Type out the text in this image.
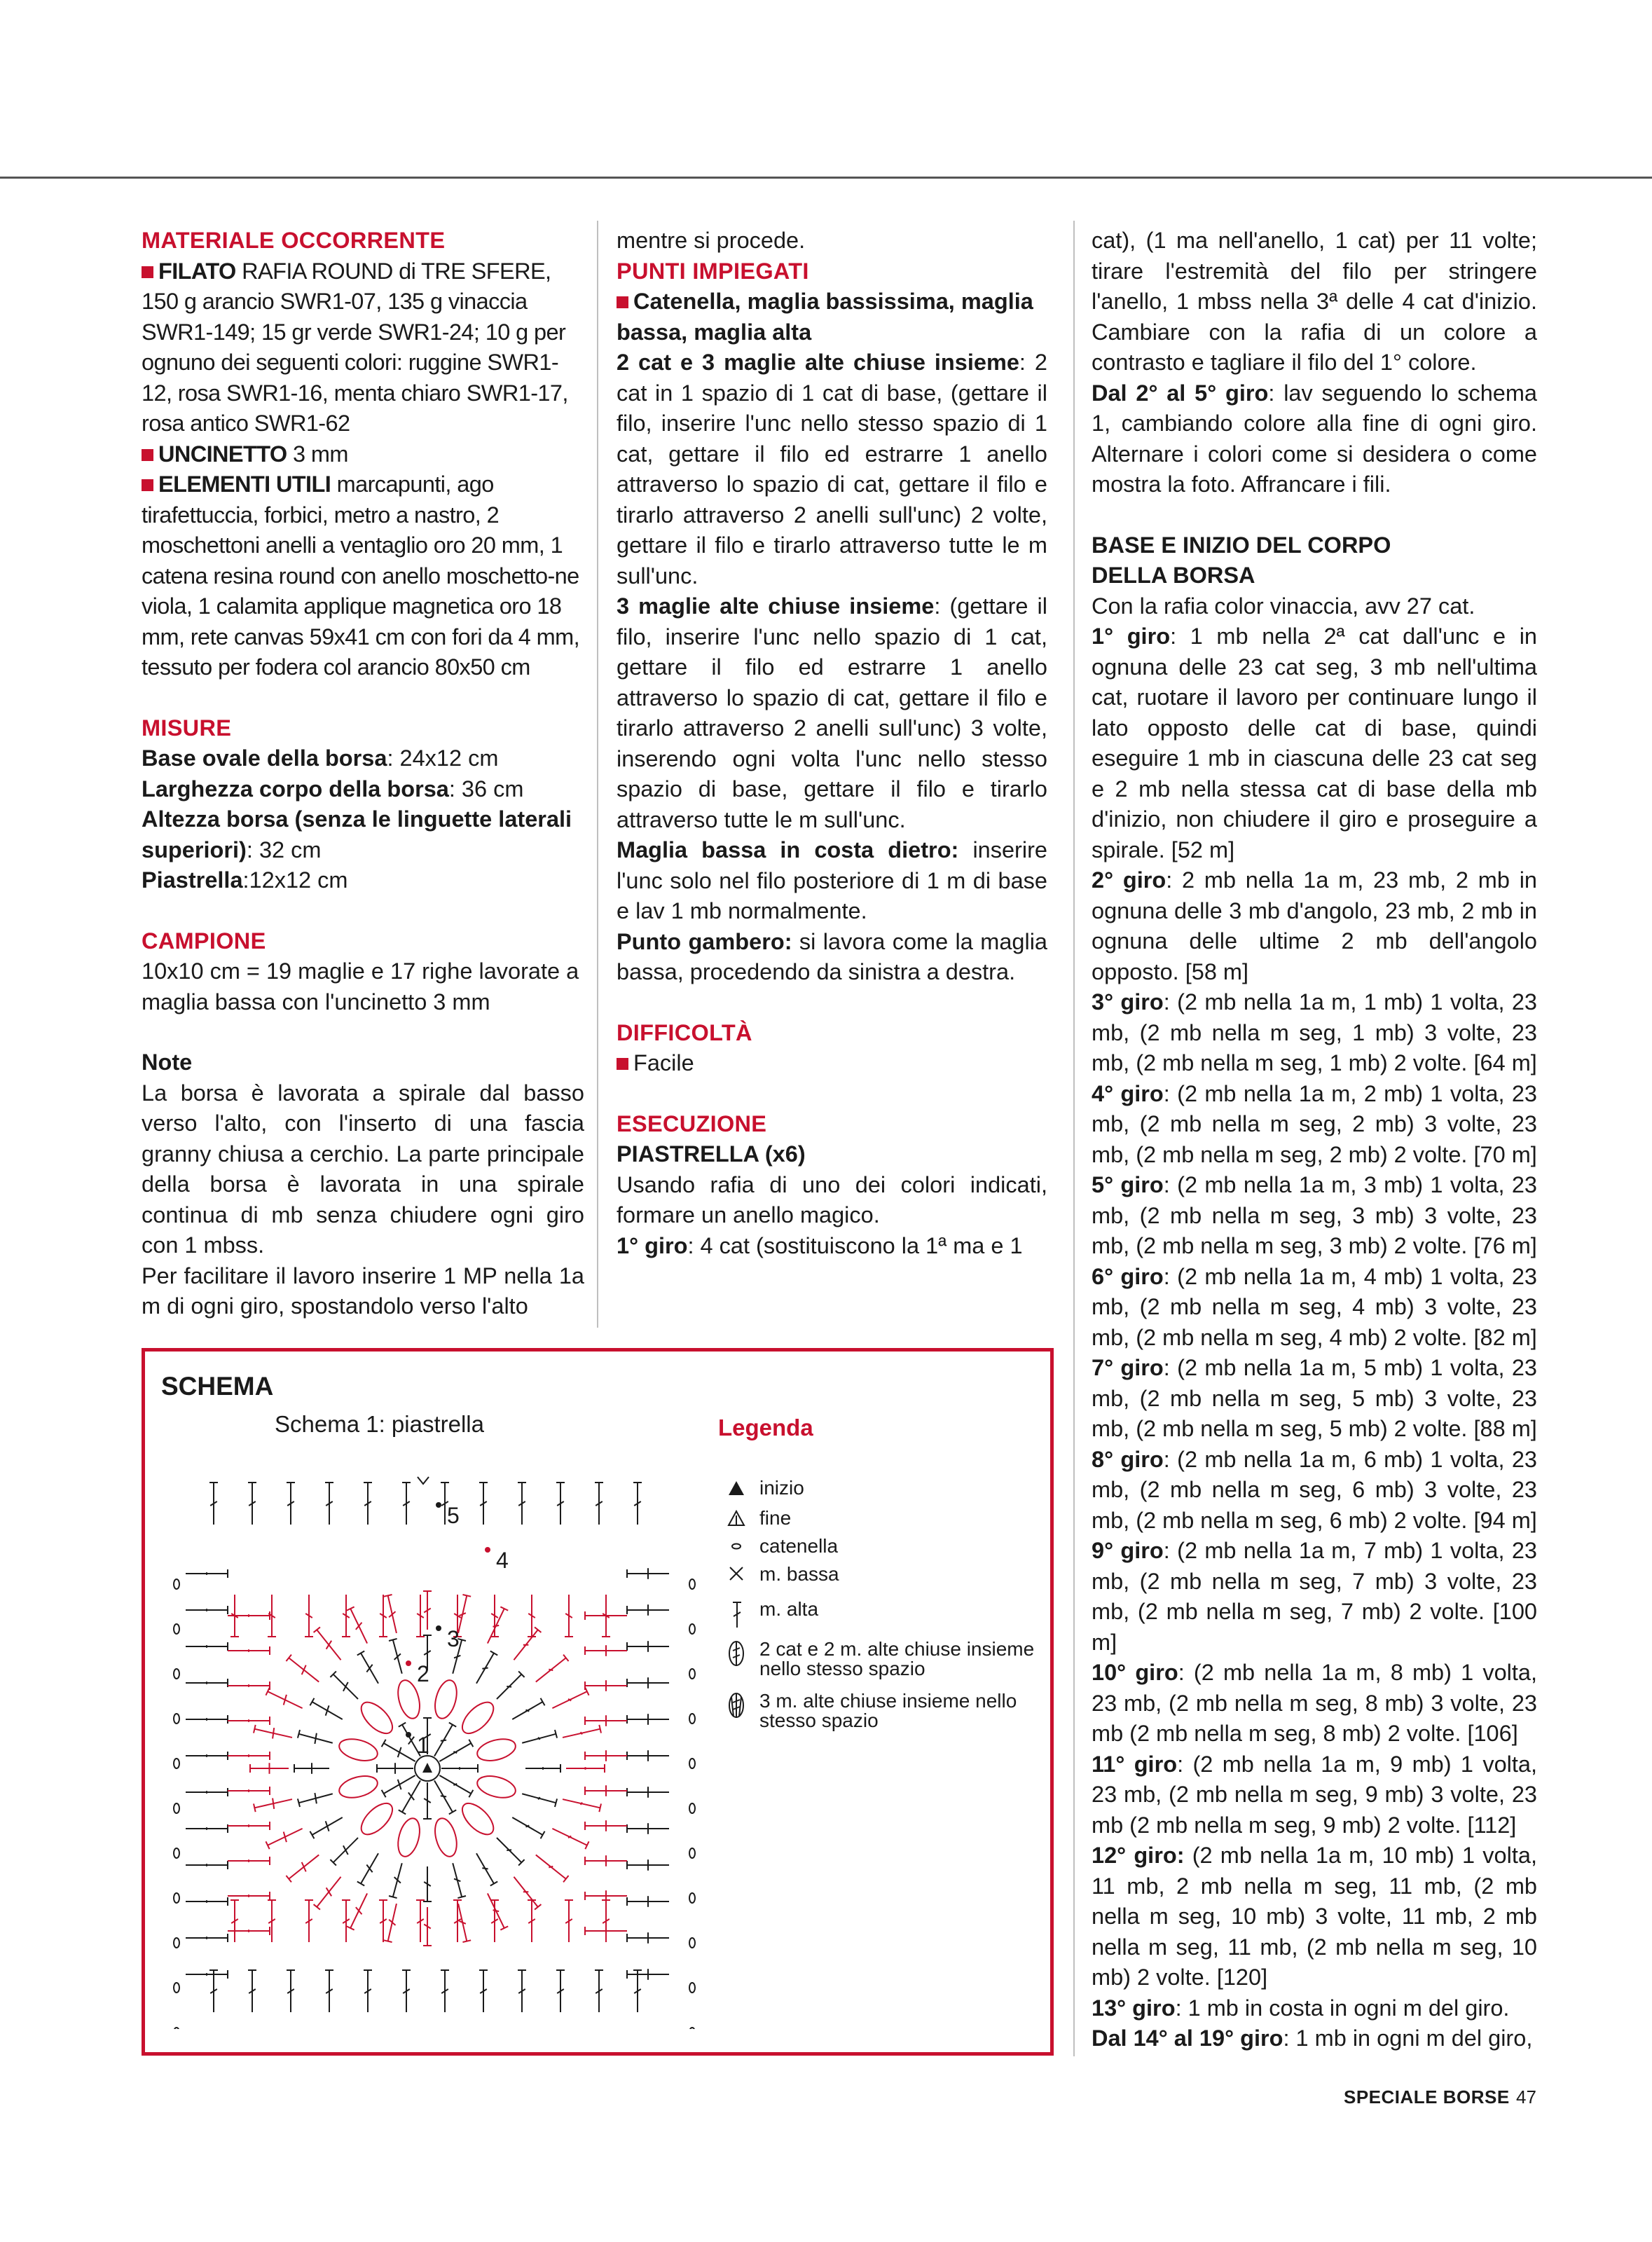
MATERIALE OCCORRENTE
FILATO RAFIA ROUND di TRE SFERE, 150 g arancio SWR1-07, 135 g vinaccia SWR1-149; 15 gr verde SWR1-24; 10 g per ognuno dei seguenti colori: ruggine SWR1-12, rosa SWR1-16, menta chiaro SWR1-17, rosa antico SWR1-62
UNCINETTO 3 mm
ELEMENTI UTILI marcapunti, ago tirafettuccia, forbici, metro a nastro, 2 moschettoni anelli a ventaglio oro 20 mm, 1 catena resina round con anello moschetto-ne viola, 1 calamita applique magnetica oro 18 mm, rete canvas 59x41 cm con fori da 4 mm, tessuto per fodera col arancio 80x50 cm
MISURE
Base ovale della borsa: 24x12 cm
Larghezza corpo della borsa: 36 cm
Altezza borsa (senza le linguette laterali superiori): 32 cm
Piastrella:12x12 cm
CAMPIONE
10x10 cm = 19 maglie e 17 righe lavorate a maglia bassa con l'uncinetto 3 mm
Note
La borsa è lavorata a spirale dal basso verso l'alto, con l'inserto di una fascia granny chiusa a cerchio. La parte principale della borsa è lavorata in una spirale continua di mb senza chiudere ogni giro con 1 mbss.
Per facilitare il lavoro inserire 1 MP nella 1a m di ogni giro, spostandolo verso l'alto
mentre si procede.
PUNTI IMPIEGATI
Catenella, maglia bassissima, maglia bassa, maglia alta
2 cat e 3 maglie alte chiuse insieme: 2 cat in 1 spazio di 1 cat di base, (gettare il filo, inserire l'unc nello stesso spazio di 1 cat, gettare il filo ed estrarre 1 anello attraverso lo spazio di cat, gettare il filo e tirarlo attraverso 2 anelli sull'unc) 2 volte, gettare il filo e tirarlo attraverso tutte le m sull'unc.
3 maglie alte chiuse insieme: (gettare il filo, inserire l'unc nello spazio di 1 cat, gettare il filo ed estrarre 1 anello attraverso lo spazio di cat, gettare il filo e tirarlo attraverso 2 anelli sull'unc) 3 volte, inserendo ogni volta l'unc nello stesso spazio di base, gettare il filo e tirarlo attraverso tutte le m sull'unc.
Maglia bassa in costa dietro: inserire l'unc solo nel filo posteriore di 1 m di base e lav 1 mb normalmente.
Punto gambero: si lavora come la maglia bassa, procedendo da sinistra a destra.
DIFFICOLTÀ
Facile
ESECUZIONE
PIASTRELLA (x6)
Usando rafia di uno dei colori indicati, formare un anello magico.
1° giro: 4 cat (sostituiscono la 1ª ma e 1
cat), (1 ma nell'anello, 1 cat) per 11 volte; tirare l'estremità del filo per stringere l'anello, 1 mbss nella 3ª delle 4 cat d'inizio. Cambiare con la rafia di un colore a contrasto e tagliare il filo del 1° colore.
Dal 2° al 5° giro: lav seguendo lo schema 1, cambiando colore alla fine di ogni giro. Alternare i colori come si desidera o come mostra la foto. Affrancare i fili.
BASE E INIZIO DEL CORPO DELLA BORSA
Con la rafia color vinaccia, avv 27 cat.
1° giro: 1 mb nella 2ª cat dall'unc e in ognuna delle 23 cat seg, 3 mb nell'ultima cat, ruotare il lavoro per continuare lungo il lato opposto delle cat di base, quindi eseguire 1 mb in ciascuna delle 23 cat seg e 2 mb nella stessa cat di base della mb d'inizio, non chiudere il giro e proseguire a spirale. [52 m]
2° giro: 2 mb nella 1a m, 23 mb, 2 mb in ognuna delle 3 mb d'angolo, 23 mb, 2 mb in ognuna delle ultime 2 mb dell'angolo opposto. [58 m]
3° giro: (2 mb nella 1a m, 1 mb) 1 volta, 23 mb, (2 mb nella m seg, 1 mb) 3 volte, 23 mb, (2 mb nella m seg, 1 mb) 2 volte. [64 m]
4° giro: (2 mb nella 1a m, 2 mb) 1 volta, 23 mb, (2 mb nella m seg, 2 mb) 3 volte, 23 mb, (2 mb nella m seg, 2 mb) 2 volte. [70 m]
5° giro: (2 mb nella 1a m, 3 mb) 1 volta, 23 mb, (2 mb nella m seg, 3 mb) 3 volte, 23 mb, (2 mb nella m seg, 3 mb) 2 volte. [76 m]
6° giro: (2 mb nella 1a m, 4 mb) 1 volta, 23 mb, (2 mb nella m seg, 4 mb) 3 volte, 23 mb, (2 mb nella m seg, 4 mb) 2 volte. [82 m]
7° giro: (2 mb nella 1a m, 5 mb) 1 volta, 23 mb, (2 mb nella m seg, 5 mb) 3 volte, 23 mb, (2 mb nella m seg, 5 mb) 2 volte. [88 m]
8° giro: (2 mb nella 1a m, 6 mb) 1 volta, 23 mb, (2 mb nella m seg, 6 mb) 3 volte, 23 mb, (2 mb nella m seg, 6 mb) 2 volte. [94 m]
9° giro: (2 mb nella 1a m, 7 mb) 1 volta, 23 mb, (2 mb nella m seg, 7 mb) 3 volte, 23 mb, (2 mb nella m seg, 7 mb) 2 volte. [100 m]
10° giro: (2 mb nella 1a m, 8 mb) 1 volta, 23 mb, (2 mb nella m seg, 8 mb) 3 volte, 23 mb (2 mb nella m seg, 8 mb) 2 volte. [106]
11° giro: (2 mb nella 1a m, 9 mb) 1 volta, 23 mb, (2 mb nella m seg, 9 mb) 3 volte, 23 mb (2 mb nella m seg, 9 mb) 2 volte. [112]
12° giro: (2 mb nella 1a m, 10 mb) 1 volta, 11 mb, 2 mb nella m seg, 11 mb, (2 mb nella m seg, 10 mb) 3 volte, 11 mb, 2 mb nella m seg, 11 mb, (2 mb nella m seg, 10 mb) 2 volte. [120]
13° giro: 1 mb in costa in ogni m del giro.
Dal 14° al 19° giro: 1 mb in ogni m del giro,
SCHEMA
Schema 1: piastrella
1
2
3
4
5
Legenda
inizio
fine
catenella
m. bassa
m. alta
2 cat e 2 m. alte chiuse insieme nello stesso spazio
3 m. alte chiuse insieme nello stesso spazio
SPECIALE BORSE 47
